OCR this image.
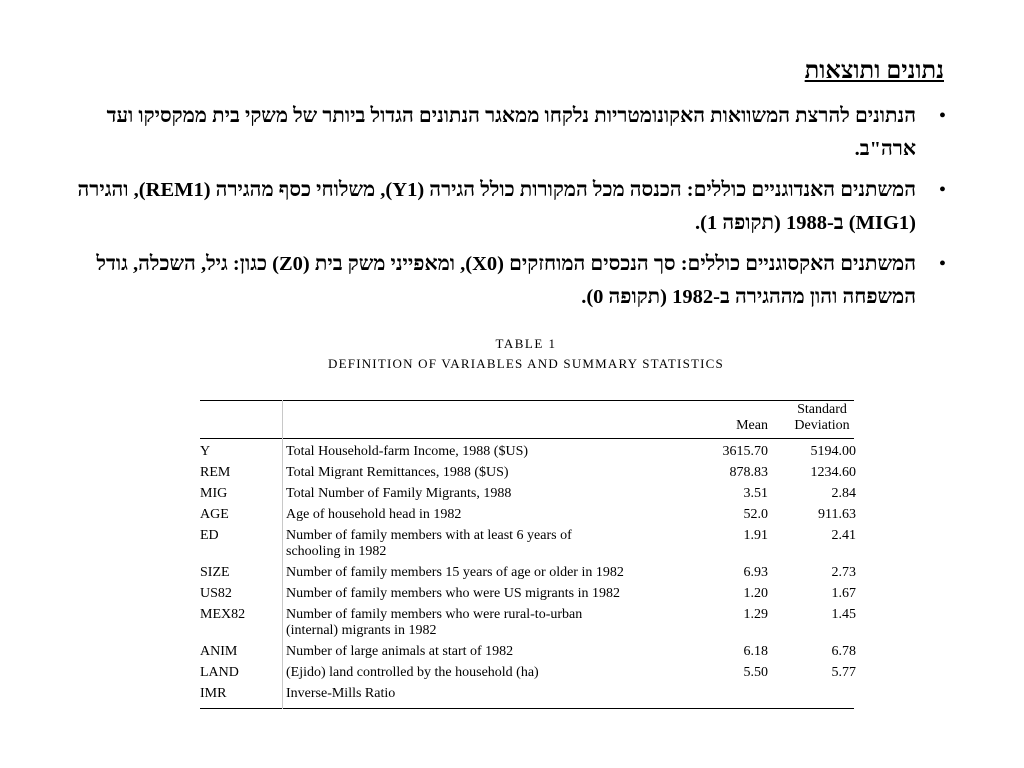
נתונים ותוצאות
•
הנתונים להרצת המשוואות האקונומטריות נלקחו ממאגר הנתונים הגדול ביותר של משקי בית ממקסיקו ועד ארה"ב.
•
המשתנים האנדוגניים כוללים: הכנסה מכל המקורות כולל הגירה (Y1), משלוחי כסף מהגירה (REM1), והגירה (MIG1) ב-1988 (תקופה 1).
•
המשתנים האקסוגניים כוללים: סך הנכסים המוחזקים (X0), ומאפייני משק בית (Z0) כגון: גיל, השכלה, גודל המשפחה והון מההגירה ב-1982 (תקופה 0).
TABLE 1
DEFINITION OF VARIABLES AND SUMMARY STATISTICS
		Mean	Standard
Deviation
Y	Total Household-farm Income, 1988 ($US)	3615.70	5194.00
REM	Total Migrant Remittances, 1988 ($US)	878.83	1234.60
MIG	Total Number of Family Migrants, 1988	3.51	2.84
AGE	Age of household head in 1982	52.0	911.63
ED	Number of family members with at least 6 years of
schooling in 1982	1.91	2.41
SIZE	Number of family members 15 years of age or older in 1982	6.93	2.73
US82	Number of family members who were US migrants in 1982	1.20	1.67
MEX82	Number of family members who were rural-to-urban
(internal) migrants in 1982	1.29	1.45
ANIM	Number of large animals at start of 1982	6.18	6.78
LAND	(Ejido) land controlled by the household (ha)	5.50	5.77
IMR	Inverse-Mills Ratio		
